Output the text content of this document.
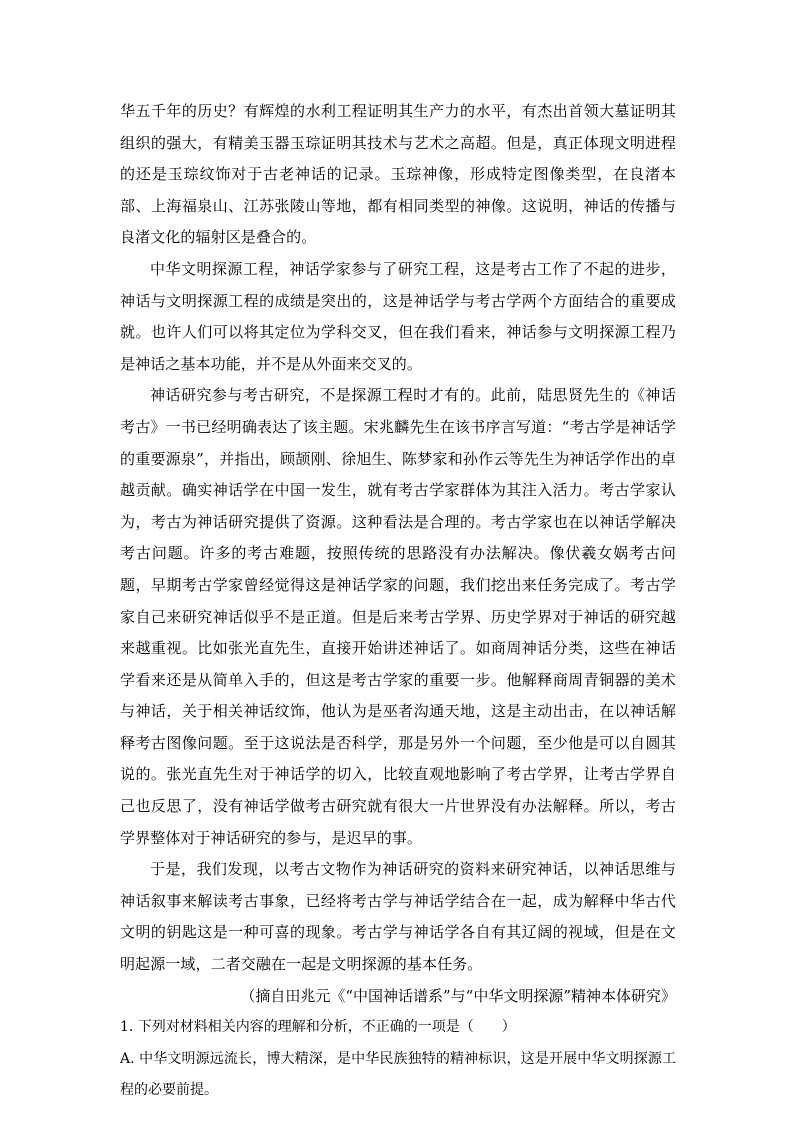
华五千年的历史？有辉煌的水利工程证明其生产力的水平，有杰出首领大墓证明其组织的强大，有精美玉器玉琮证明其技术与艺术之高超。但是，真正体现文明进程的还是玉琮纹饰对于古老神话的记录。玉琮神像，形成特定图像类型，在良渚本部、上海福泉山、江苏张陵山等地，都有相同类型的神像。这说明，神话的传播与良渚文化的辐射区是叠合的。

中华文明探源工程，神话学家参与了研究工程，这是考古工作了不起的进步，神话与文明探源工程的成绩是突出的，这是神话学与考古学两个方面结合的重要成就。也许人们可以将其定位为学科交叉，但在我们看来，神话参与文明探源工程乃是神话之基本功能，并不是从外面来交叉的。

神话研究参与考古研究，不是探源工程时才有的。此前，陆思贤先生的《神话考古》一书已经明确表达了该主题。宋兆麟先生在该书序言写道：“考古学是神话学的重要源泉”，并指出，顾颉刚、徐旭生、陈梦家和孙作云等先生为神话学作出的卓越贡献。确实神话学在中国一发生，就有考古学家群体为其注入活力。考古学家认为，考古为神话研究提供了资源。这种看法是合理的。考古学家也在以神话学解决考古问题。许多的考古难题，按照传统的思路没有办法解决。像伏羲女娲考古问题，早期考古学家曾经觉得这是神话学家的问题，我们挖出来任务完成了。考古学家自己来研究神话似乎不是正道。但是后来考古学界、历史学界对于神话的研究越来越重视。比如张光直先生，直接开始讲述神话了。如商周神话分类，这些在神话学看来还是从简单入手的，但这是考古学家的重要一步。他解释商周青铜器的美术与神话，关于相关神话纹饰，他认为是巫者沟通天地，这是主动出击，在以神话解释考古图像问题。至于这说法是否科学，那是另外一个问题，至少他是可以自圆其说的。张光直先生对于神话学的切入，比较直观地影响了考古学界，让考古学界自己也反思了，没有神话学做考古研究就有很大一片世界没有办法解释。所以，考古学界整体对于神话研究的参与，是迟早的事。

于是，我们发现，以考古文物作为神话研究的资料来研究神话，以神话思维与神话叙事来解读考古事象，已经将考古学与神话学结合在一起，成为解释中华古代文明的钥匙这是一种可喜的现象。考古学与神话学各自有其辽阔的视域，但是在文明起源一域，二者交融在一起是文明探源的基本任务。

（摘自田兆元《“中国神话谱系”与“中华文明探源”精神本体研究》

1. 下列对材料相关内容的理解和分析，不正确的一项是（　　）

A. 中华文明源远流长，博大精深，是中华民族独特的精神标识，这是开展中华文明探源工程的必要前提。
